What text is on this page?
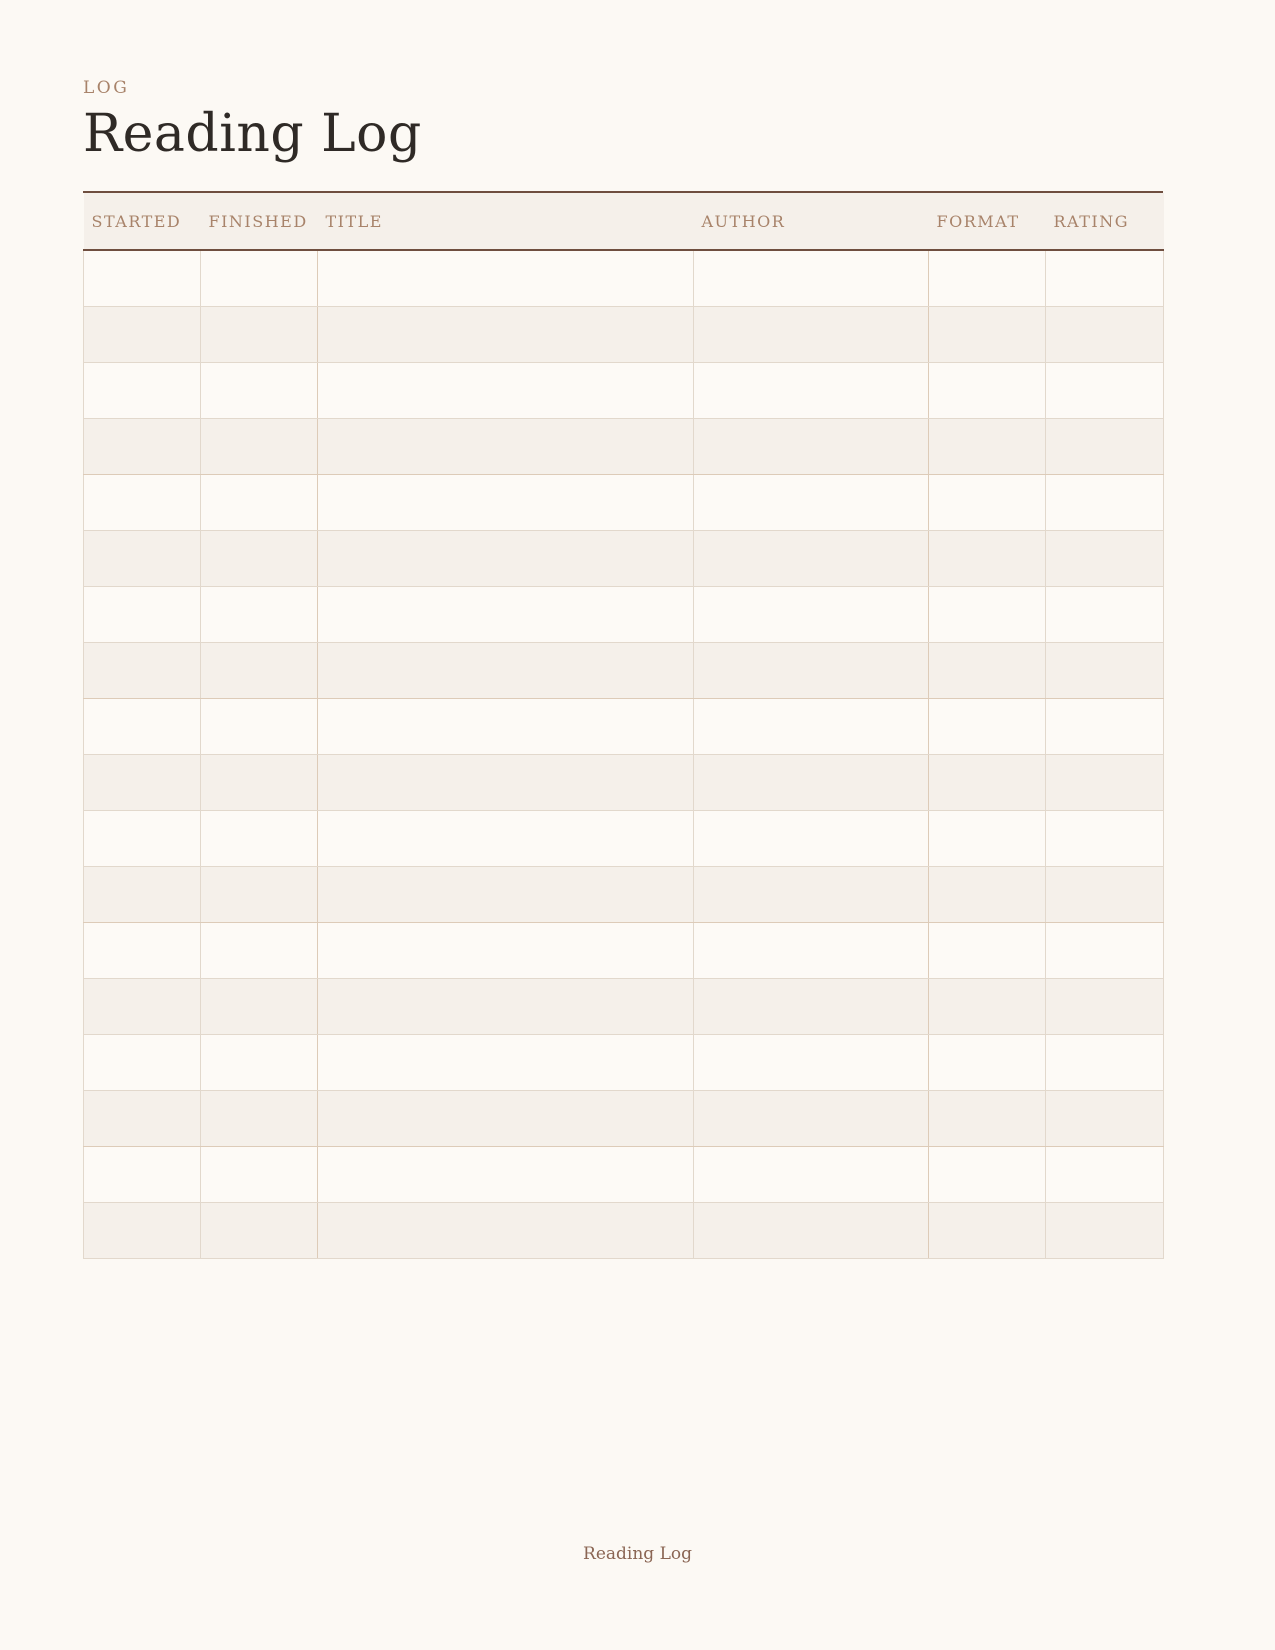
LOG
Reading Log
STARTED	FINISHED	TITLE	AUTHOR	FORMAT	RATING

Reading Log
